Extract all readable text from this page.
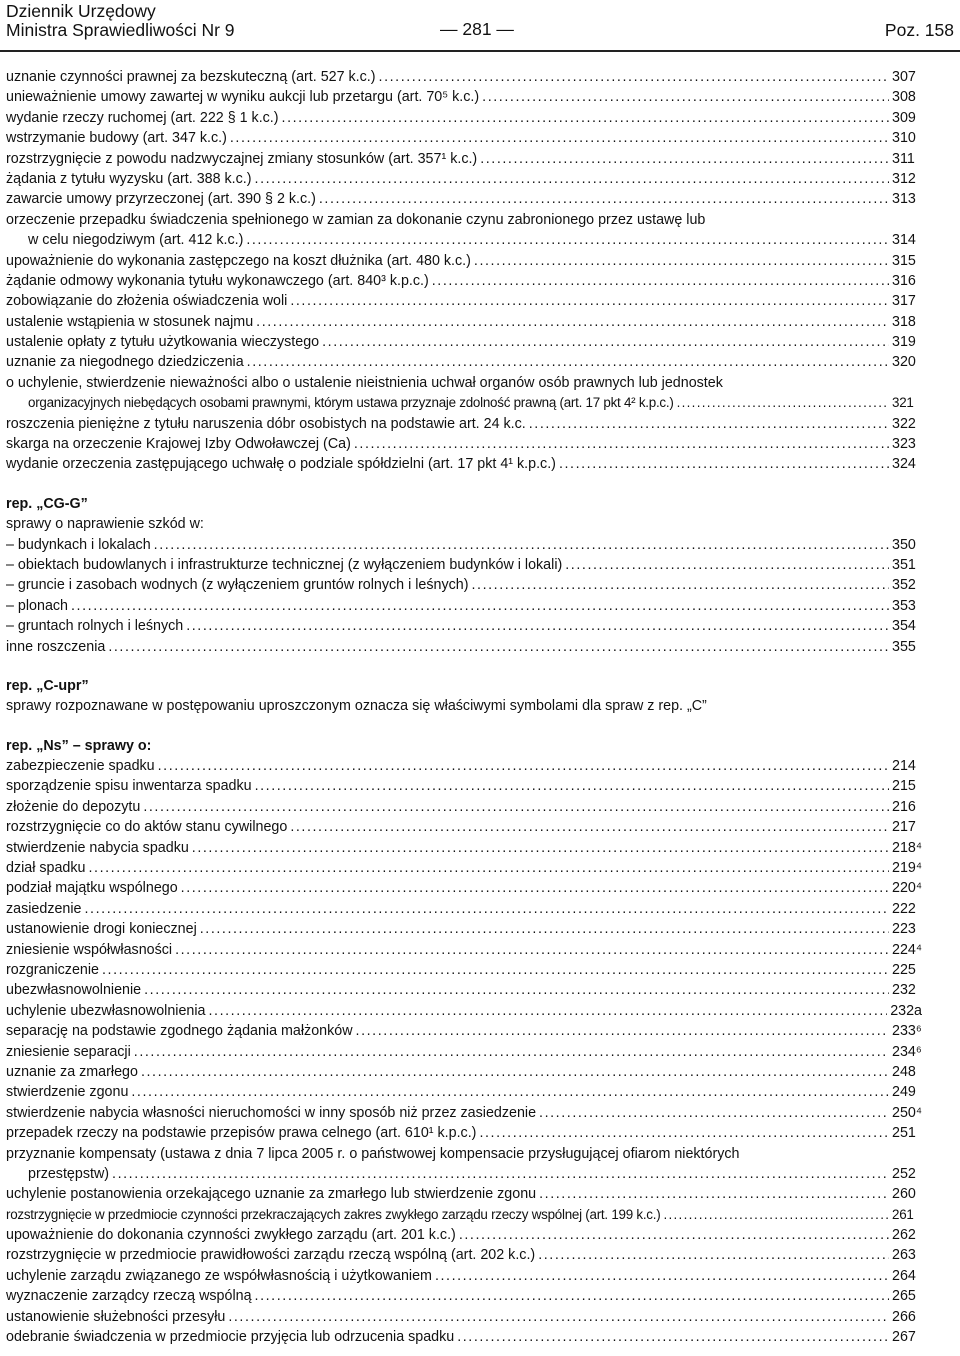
Dziennik Urzędowy
Ministra Sprawiedliwości Nr 9	— 281 —	Poz. 158
uznanie czynności prawnej za bezskuteczną (art. 527 k.c.) . . .	307
unieważnienie umowy zawartej w wyniku aukcji lub przetargu (art. 70⁵ k.c.) . . .	308
wydanie rzeczy ruchomej (art. 222 § 1 k.c.) . . .	309
wstrzymanie budowy (art. 347 k.c.) . . .	310
rozstrzygnięcie z powodu nadzwyczajnej zmiany stosunków (art. 357¹ k.c.) . . .	311
żądania z tytułu wyzysku (art. 388 k.c.) . . .	312
zawarcie umowy przyrzeczonej (art. 390 § 2 k.c.) . . .	313
orzeczenie przepadku świadczenia spełnionego w zamian za dokonanie czynu zabronionego przez ustawę lub
w celu niegodziwym (art. 412 k.c.) . . .	314
upoważnienie do wykonania zastępczego na koszt dłużnika (art. 480 k.c.) . . .	315
żądanie odmowy wykonania tytułu wykonawczego (art. 840³ k.p.c.) . . .	316
zobowiązanie do złożenia oświadczenia woli . . .	317
ustalenie wstąpienia w stosunek najmu . . .	318
ustalenie opłaty z tytułu użytkowania wieczystego . . .	319
uznanie za niegodnego dziedziczenia . . .	320
o uchylenie, stwierdzenie nieważności albo o ustalenie nieistnienia uchwał organów osób prawnych lub jednostek
organizacyjnych niebędących osobami prawnymi, którym ustawa przyznaje zdolność prawną (art. 17 pkt 4² k.p.c.) . . .	321
roszczenia pieniężne z tytułu naruszenia dóbr osobistych na podstawie art. 24 k.c. . . .	322
skarga na orzeczenie Krajowej Izby Odwoławczej (Ca) . . .	323
wydanie orzeczenia zastępującego uchwałę o podziale spółdzielni (art. 17 pkt 4¹ k.p.c.) . . .	324
rep. „CG-G”
sprawy o naprawienie szkód w:
– budynkach i lokalach . . .	350
– obiektach budowlanych i infrastrukturze technicznej (z wyłączeniem budynków i lokali) . . .	351
– gruncie i zasobach wodnych (z wyłączeniem gruntów rolnych i leśnych) . . .	352
– plonach . . .	353
– gruntach rolnych i leśnych . . .	354
inne roszczenia . . .	355
rep. „C-upr”
sprawy rozpoznawane w postępowaniu uproszczonym oznacza się właściwymi symbolami dla spraw z rep. „C”
rep. „Ns” – sprawy o:
zabezpieczenie spadku . . .	214
sporządzenie spisu inwentarza spadku . . .	215
złożenie do depozytu . . .	216
rozstrzygnięcie co do aktów stanu cywilnego . . .	217
stwierdzenie nabycia spadku . . .	218⁴
dział spadku . . .	219⁴
podział majątku wspólnego . . .	220⁴
zasiedzenie . . .	222
ustanowienie drogi koniecznej . . .	223
zniesienie współwłasności . . .	224⁴
rozgraniczenie . . .	225
ubezwłasnowolnienie . . .	232
uchylenie ubezwłasnowolnienia . . .	232a
separację na podstawie zgodnego żądania małżonków . . .	233⁶
zniesienie separacji . . .	234⁶
uznanie za zmarłego . . .	248
stwierdzenie zgonu . . .	249
stwierdzenie nabycia własności nieruchomości w inny sposób niż przez zasiedzenie . . .	250⁴
przepadek rzeczy na podstawie przepisów prawa celnego (art. 610¹ k.p.c.) . . .	251
przyznanie kompensaty (ustawa z dnia 7 lipca 2005 r. o państwowej kompensacie przysługującej ofiarom niektórych
przestępstw) . . .	252
uchylenie postanowienia orzekającego uznanie za zmarłego lub stwierdzenie zgonu . . .	260
rozstrzygnięcie w przedmiocie czynności przekraczających zakres zwykłego zarządu rzeczy wspólnej (art. 199 k.c.) . . .	261
upoważnienie do dokonania czynności zwykłego zarządu (art. 201 k.c.) . . .	262
rozstrzygnięcie w przedmiocie prawidłowości zarządu rzeczą wspólną (art. 202 k.c.) . . .	263
uchylenie zarządu związanego ze współwłasnością i użytkowaniem . . .	264
wyznaczenie zarządcy rzeczą wspólną . . .	265
ustanowienie służebności przesyłu . . .	266
odebranie świadczenia w przedmiocie przyjęcia lub odrzucenia spadku . . .	267
